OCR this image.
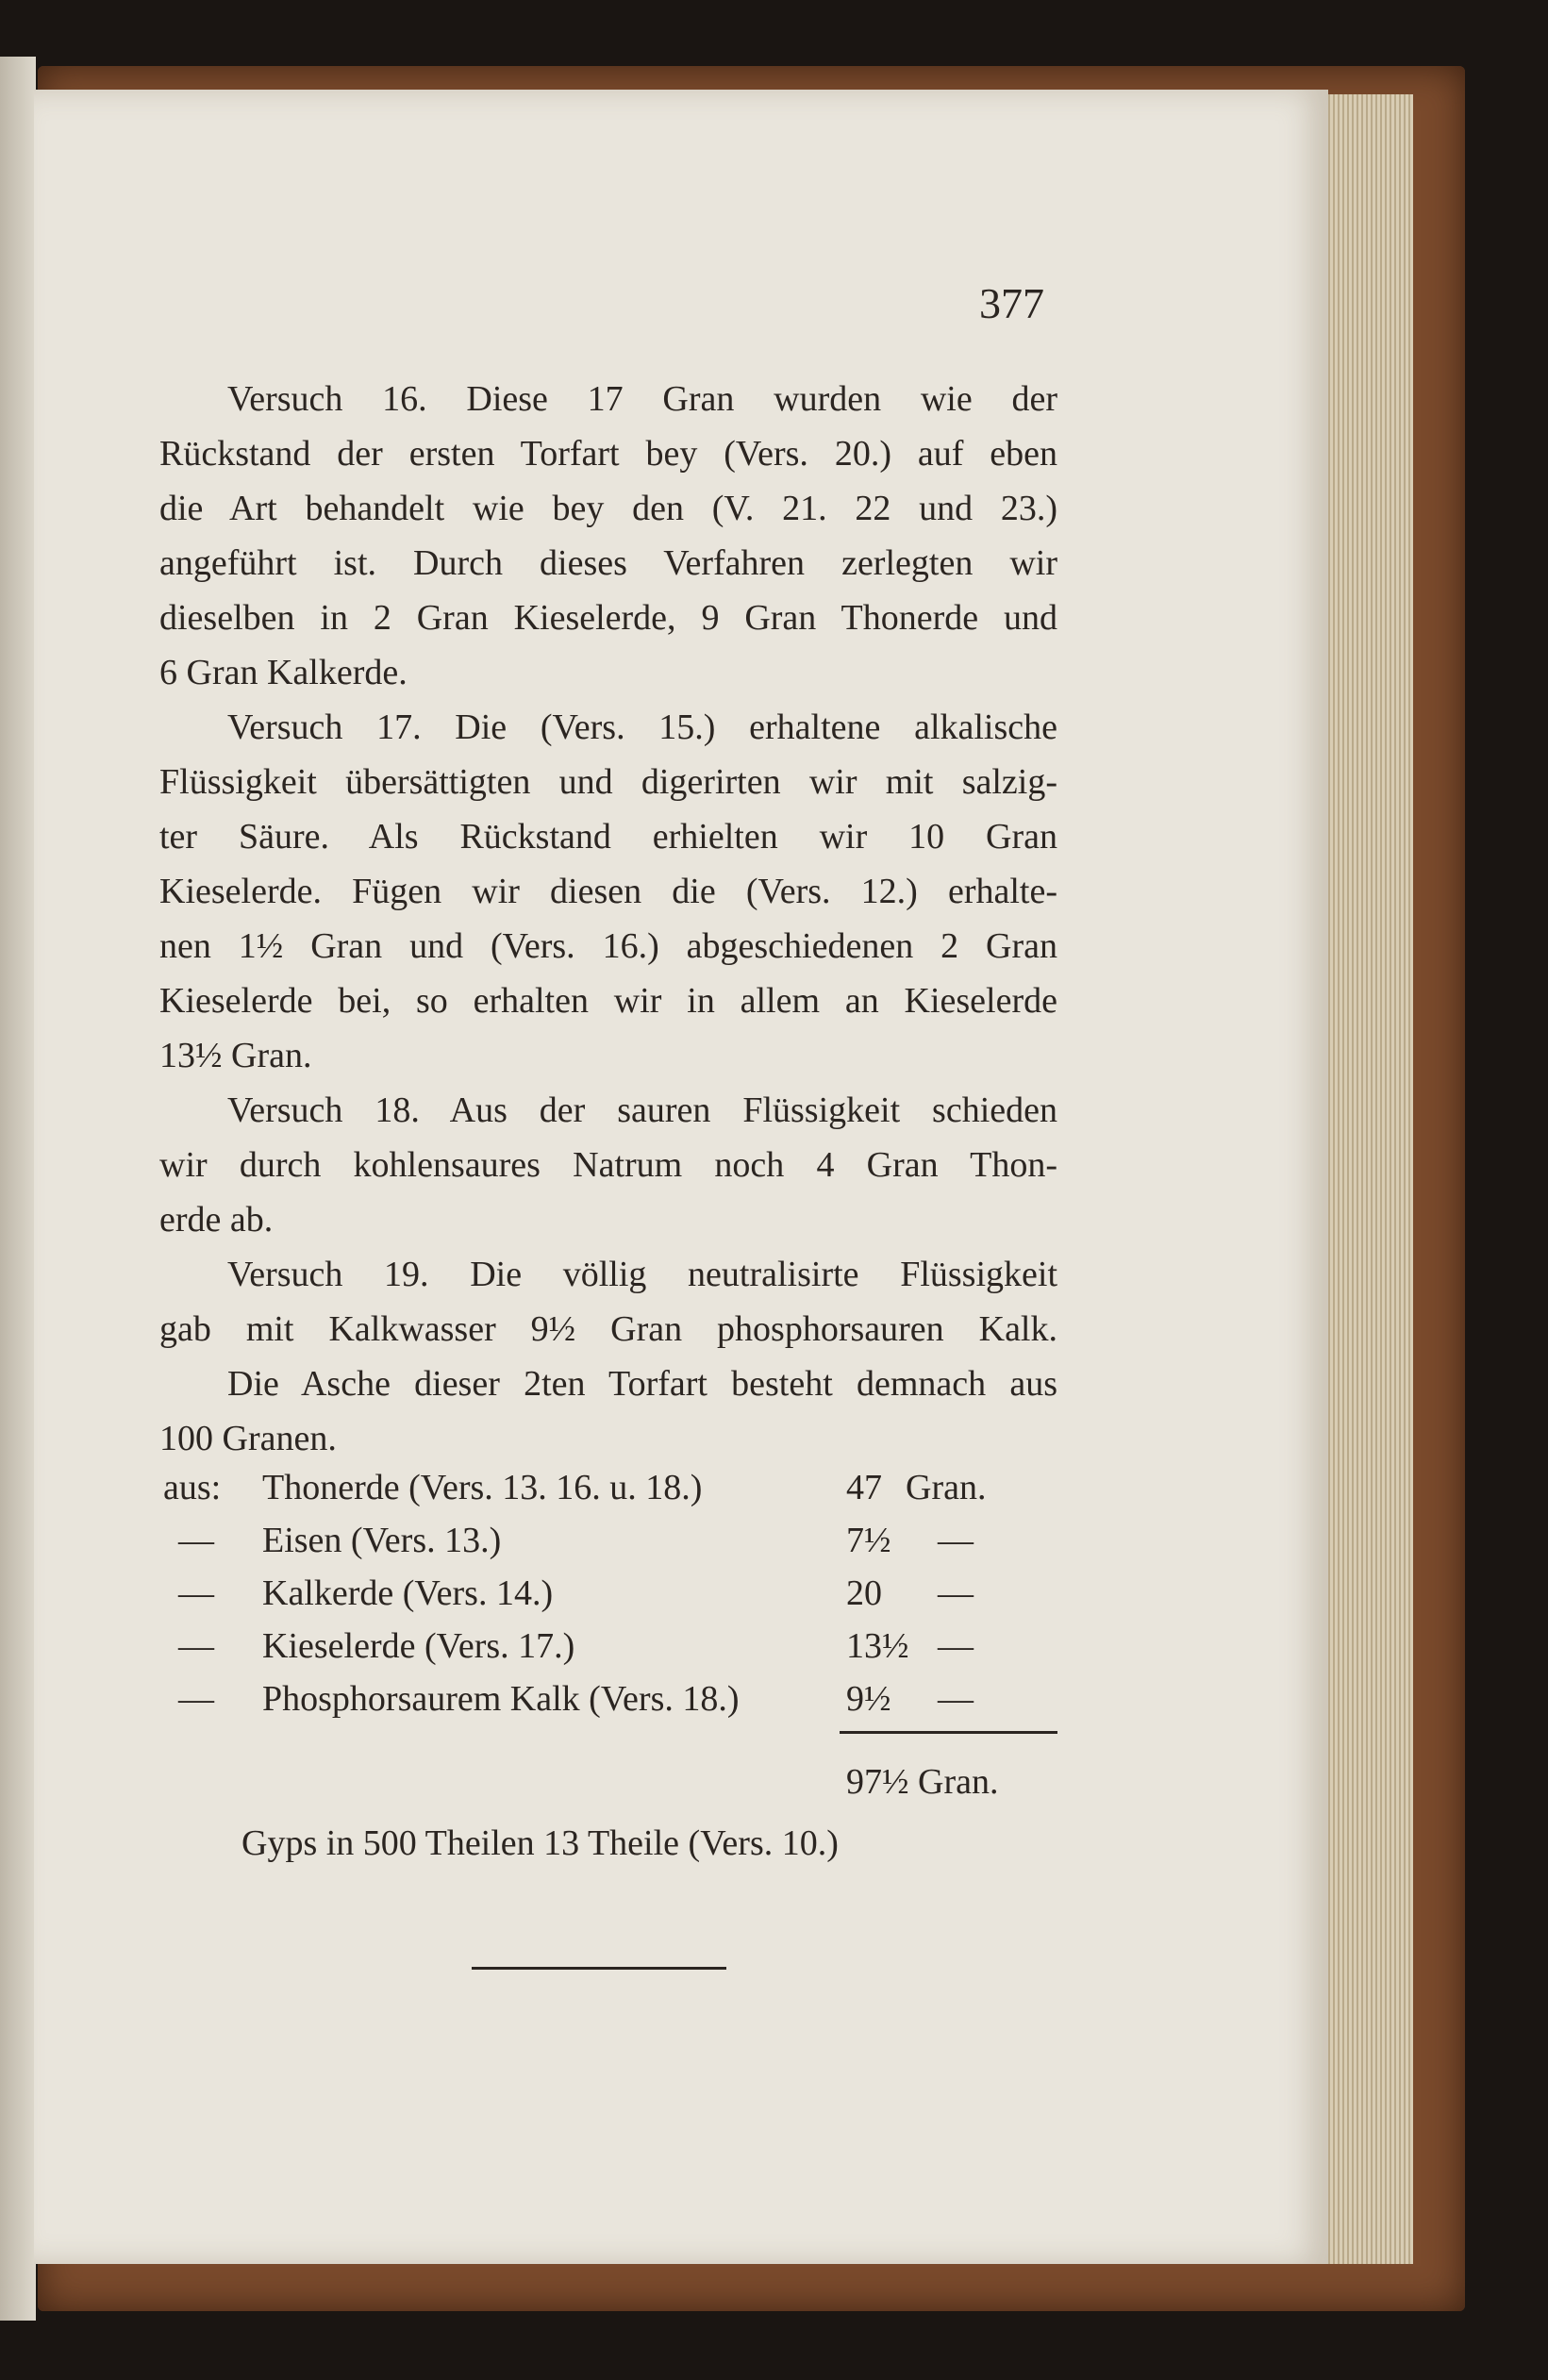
377
Versuch 16. Diese 17 Gran wurden wie der
Rückstand der ersten Torfart bey (Vers. 20.) auf eben
die Art behandelt wie bey den (V. 21. 22 und 23.)
angeführt ist. Durch dieses Verfahren zerlegten wir
dieselben in 2 Gran Kieselerde, 9 Gran Thonerde und
6 Gran Kalkerde.
Versuch 17. Die (Vers. 15.) erhaltene alkalische
Flüssigkeit übersättigten und digerirten wir mit salzig-
ter Säure. Als Rückstand erhielten wir 10 Gran
Kieselerde. Fügen wir diesen die (Vers. 12.) erhalte-
nen 1½ Gran und (Vers. 16.) abgeschiedenen 2 Gran
Kieselerde bei, so erhalten wir in allem an Kieselerde
13½ Gran.
Versuch 18. Aus der sauren Flüssigkeit schieden
wir durch kohlensaures Natrum noch 4 Gran Thon-
erde ab.
Versuch 19. Die völlig neutralisirte Flüssigkeit
gab mit Kalkwasser 9½ Gran phosphorsauren Kalk.
Die Asche dieser 2ten Torfart besteht demnach aus
100 Granen.
aus: Thonerde (Vers. 13. 16. u. 18.)	47 Gran.
— Eisen (Vers. 13.)	7½ —
— Kalkerde (Vers. 14.)	20 —
— Kieselerde (Vers. 17.)	13½ —
— Phosphorsaurem Kalk (Vers. 18.)	9½ —
97½ Gran.
Gyps in 500 Theilen 13 Theile (Vers. 10.)
